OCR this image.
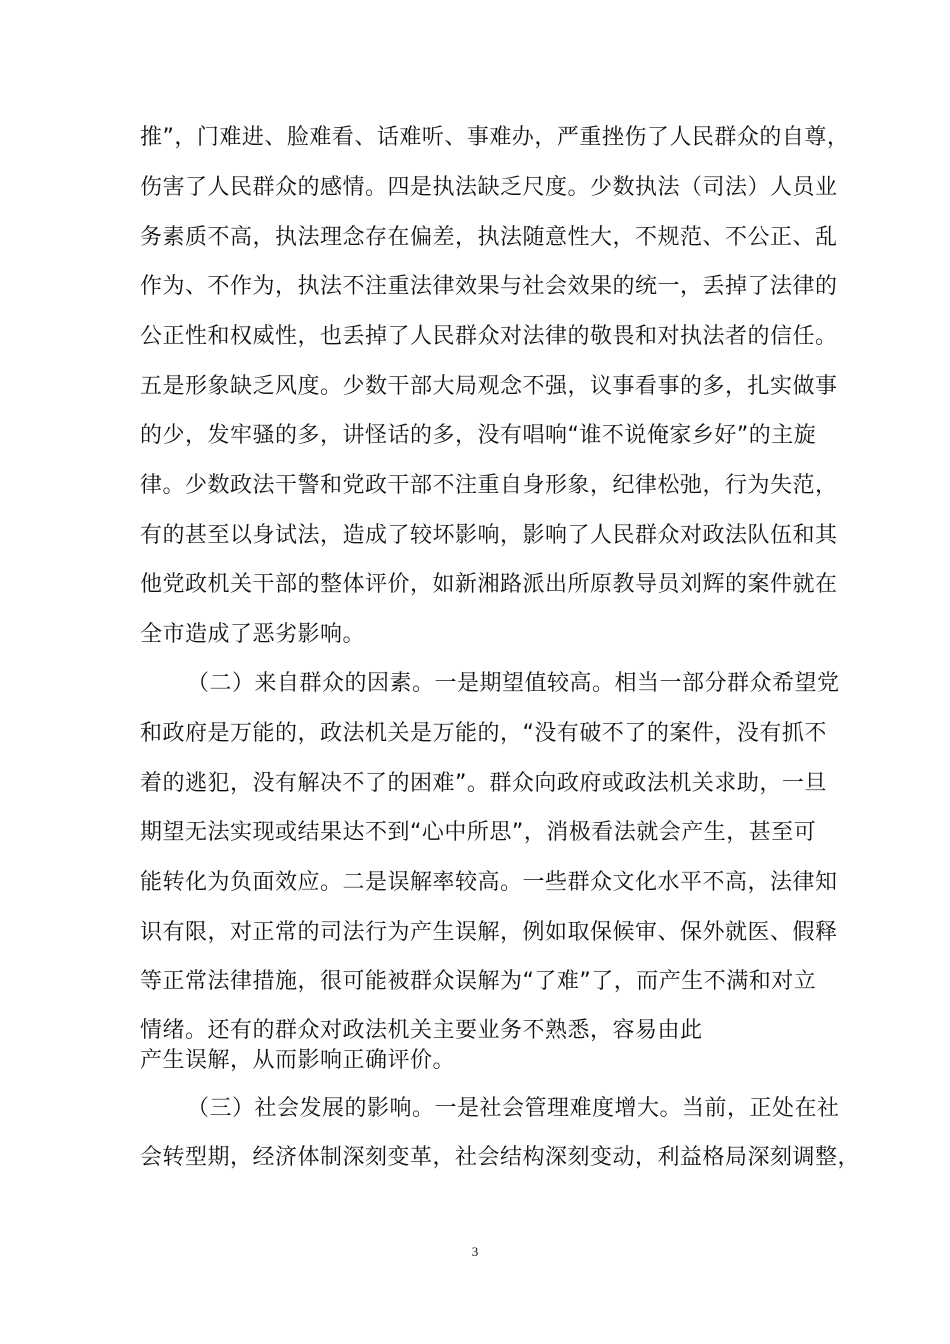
推”，门难进、脸难看、话难听、事难办，严重挫伤了人民群众的自尊，
伤害了人民群众的感情。四是执法缺乏尺度。少数执法（司法）人员业
务素质不高，执法理念存在偏差，执法随意性大，不规范、不公正、乱
作为、不作为，执法不注重法律效果与社会效果的统一，丢掉了法律的
公正性和权威性，也丢掉了人民群众对法律的敬畏和对执法者的信任。
五是形象缺乏风度。少数干部大局观念不强，议事看事的多，扎实做事
的少，发牢骚的多，讲怪话的多，没有唱响“谁不说俺家乡好”的主旋
律。少数政法干警和党政干部不注重自身形象，纪律松弛，行为失范，
有的甚至以身试法，造成了较坏影响，影响了人民群众对政法队伍和其
他党政机关干部的整体评价，如新湘路派出所原教导员刘辉的案件就在
全市造成了恶劣影响。
（二）来自群众的因素。一是期望值较高。相当一部分群众希望党
和政府是万能的，政法机关是万能的，“没有破不了的案件，没有抓不
着的逃犯，没有解决不了的困难”。群众向政府或政法机关求助，一旦
期望无法实现或结果达不到“心中所思”，消极看法就会产生，甚至可
能转化为负面效应。二是误解率较高。一些群众文化水平不高，法律知
识有限，对正常的司法行为产生误解，例如取保候审、保外就医、假释
等正常法律措施，很可能被群众误解为“了难”了，而产生不满和对立
情绪。还有的群众对政法机关主要业务不熟悉，容易由此
产生误解，从而影响正确评价。
（三）社会发展的影响。一是社会管理难度增大。当前，正处在社
会转型期，经济体制深刻变革，社会结构深刻变动，利益格局深刻调整，
3
